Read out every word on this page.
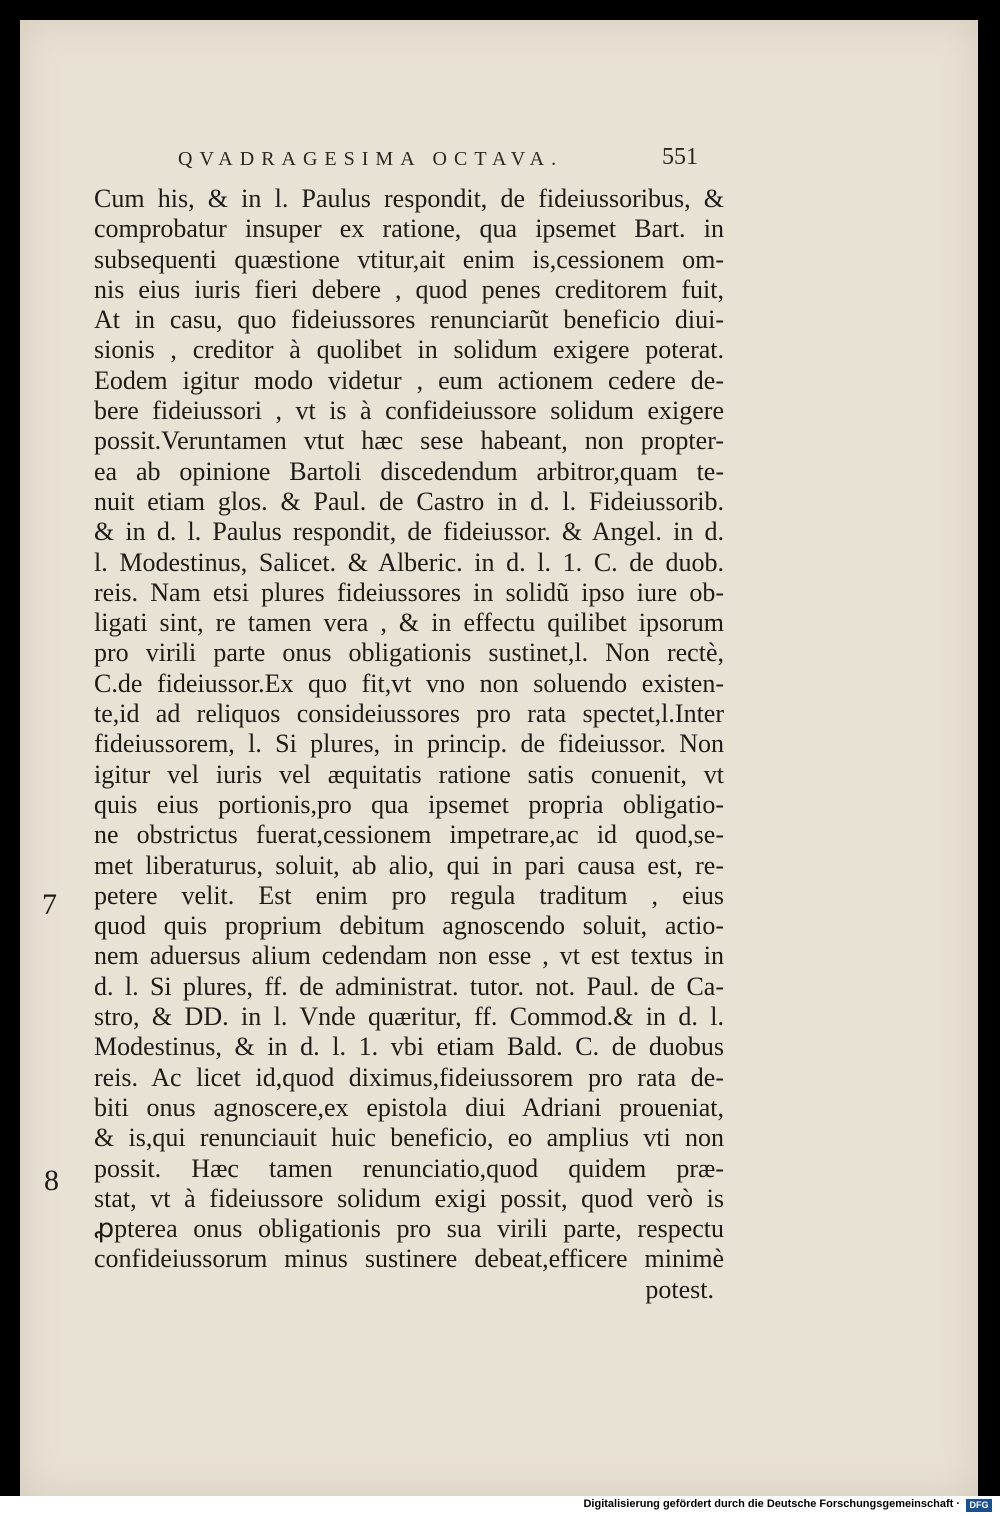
QVADRAGESIMA OCTAVA.	551
7
8
Cum his, & in l. Paulus respondit, de fideiussoribus, &
comprobatur insuper ex ratione, qua ipsemet Bart. in
subsequenti quæstione vtitur,ait enim is,cessionem om-
nis eius iuris fieri debere , quod penes creditorem fuit,
At in casu, quo fideiussores renunciarũt beneficio diui-
sionis , creditor à quolibet in solidum exigere poterat.
Eodem igitur modo videtur , eum actionem cedere de-
bere fideiussori , vt is à confideiussore solidum exigere
possit.Veruntamen vtut hæc sese habeant, non propter-
ea ab opinione Bartoli discedendum arbitror,quam te-
nuit etiam glos. & Paul. de Castro in d. l. Fideiussorib.
& in d. l. Paulus respondit, de fideiussor. & Angel. in d.
l. Modestinus, Salicet. & Alberic. in d. l. 1. C. de duob.
reis. Nam etsi plures fideiussores in solidũ ipso iure ob-
ligati sint, re tamen vera , & in effectu quilibet ipsorum
pro virili parte onus obligationis sustinet,l. Non rectè,
C.de fideiussor.Ex quo fit,vt vno non soluendo existen-
te,id ad reliquos consideiussores pro rata spectet,l.Inter
fideiussorem, l. Si plures, in princip. de fideiussor. Non
igitur vel iuris vel æquitatis ratione satis conuenit, vt
quis eius portionis,pro qua ipsemet propria obligatio-
ne obstrictus fuerat,cessionem impetrare,ac id quod,se-
met liberaturus, soluit, ab alio, qui in pari causa est, re-
petere velit. Est enim pro regula traditum , eius
quod quis proprium debitum agnoscendo soluit, actio-
nem aduersus alium cedendam non esse , vt est textus in
d. l. Si plures, ff. de administrat. tutor. not. Paul. de Ca-
stro, & DD. in l. Vnde quæritur, ff. Commod.& in d. l.
Modestinus, & in d. l. 1. vbi etiam Bald. C. de duobus
reis. Ac licet id,quod diximus,fideiussorem pro rata de-
biti onus agnoscere,ex epistola diui Adriani proueniat,
& is,qui renunciauit huic beneficio, eo amplius vti non
possit. Hæc tamen renunciatio,quod quidem præ-
stat, vt à fideiussore solidum exigi possit, quod verò is
ꝓpterea onus obligationis pro sua virili parte, respectu
confideiussorum minus sustinere debeat,efficere minimè
potest.
Digitalisierung gefördert durch die Deutsche Forschungsgemeinschaft ·	DFG
